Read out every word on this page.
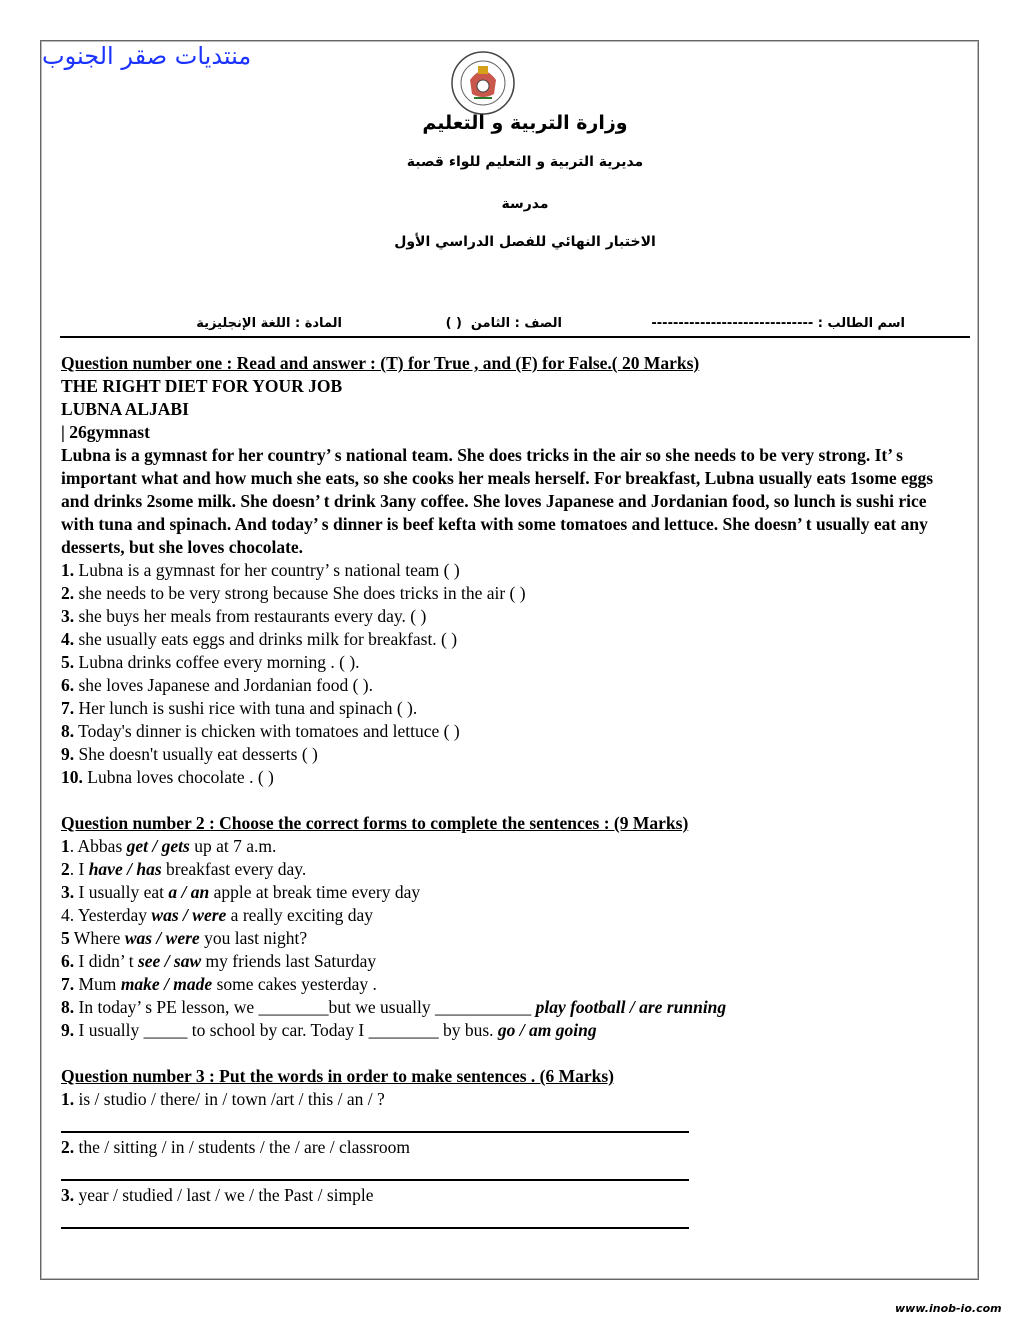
منتديات صقر الجنوب
وزارة التربية و التعليم
مديرية التربية و التعليم للواء قصبة
مدرسة
الاختبار النهائي للفصل الدراسي الأول
اسم الطالب : ------------------------------
الصف : الثامن
( )
المادة : اللغة الإنجليزية
Question number one : Read and answer : (T) for True , and (F) for False.( 20 Marks)
THE RIGHT DIET FOR YOUR JOB
LUBNA ALJABI
| 26gymnast
Lubna is a gymnast for her country’ s national team. She does tricks in the air so she needs to be very strong. It’ s important what and how much she eats, so she cooks her meals herself. For breakfast, Lubna usually eats 1some eggs and drinks 2some milk. She doesn’ t drink 3any coffee. She loves Japanese and Jordanian food, so lunch is sushi rice with tuna and spinach. And today’ s dinner is beef kefta with some tomatoes and lettuce. She doesn’ t usually eat any desserts, but she loves chocolate.
1. Lubna is a gymnast for her country’ s national team ( )
2. she needs to be very strong because She does tricks in the air ( )
3. she buys her meals from restaurants every day. ( )
4. she usually eats eggs and drinks milk for breakfast. ( )
5. Lubna drinks coffee every morning . ( ).
6. she loves Japanese and Jordanian food ( ).
7. Her lunch is sushi rice with tuna and spinach ( ).
8. Today's dinner is chicken with tomatoes and lettuce ( )
9. She doesn't usually eat desserts ( )
10. Lubna loves chocolate . ( )
Question number 2 : Choose the correct forms to complete the sentences : (9 Marks)
1. Abbas get / gets up at 7 a.m.
2. I have / has breakfast every day.
3. I usually eat a / an apple at break time every day
4. Yesterday was / were a really exciting day
5 Where was / were you last night?
6. I didn’ t see / saw my friends last Saturday
7. Mum make / made some cakes yesterday .
8. In today’ s PE lesson, we ________but we usually ___________ play football / are running
9. I usually _____ to school by car. Today I ________ by bus. go / am going
Question number 3 : Put the words in order to make sentences . (6 Marks)
1. is / studio / there/ in / town /art / this / an / ?
2. the / sitting / in / students / the / are / classroom
3. year / studied / last / we / the Past / simple
www.inob-io.com
